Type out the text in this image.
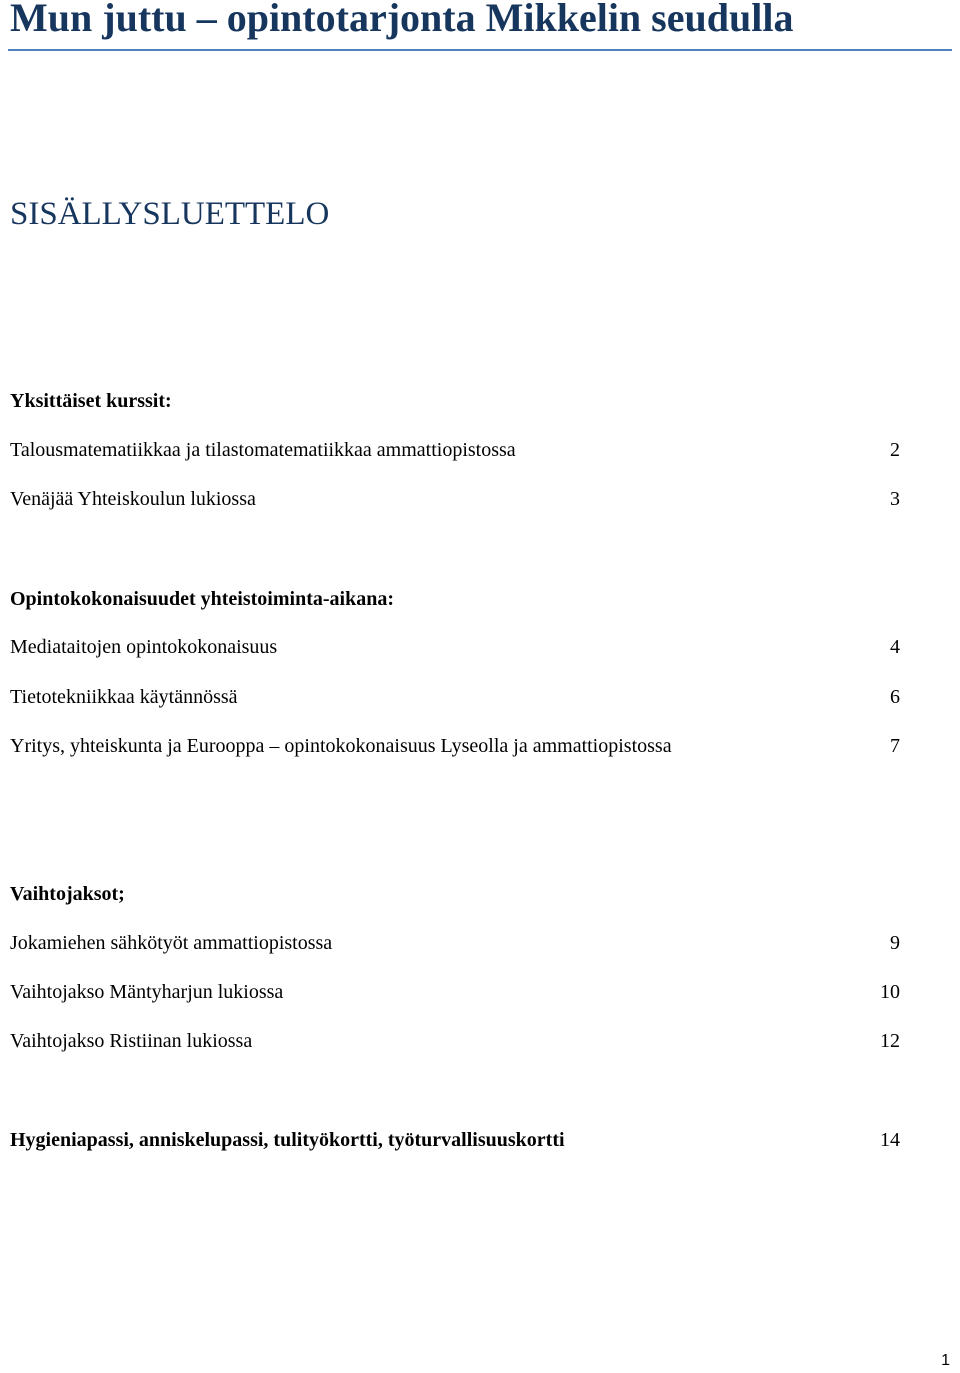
Mun juttu – opintotarjonta Mikkelin seudulla
SISÄLLYSLUETTELO
Yksittäiset kurssit:
Talousmatematiikkaa ja tilastomatematiikkaa ammattiopistossa	2
Venäjää Yhteiskoulun lukiossa	3
Opintokokonaisuudet yhteistoiminta-aikana:
Mediataitojen opintokokonaisuus	4
Tietotekniikkaa käytännössä	6
Yritys, yhteiskunta ja Eurooppa – opintokokonaisuus Lyseolla ja ammattiopistossa	7
Vaihtojaksot;
Jokamiehen sähkötyöt ammattiopistossa	9
Vaihtojakso Mäntyharjun lukiossa	10
Vaihtojakso Ristiinan lukiossa	12
Hygieniapassi, anniskelupassi, tulityökortti, työturvallisuuskortti	14
1
